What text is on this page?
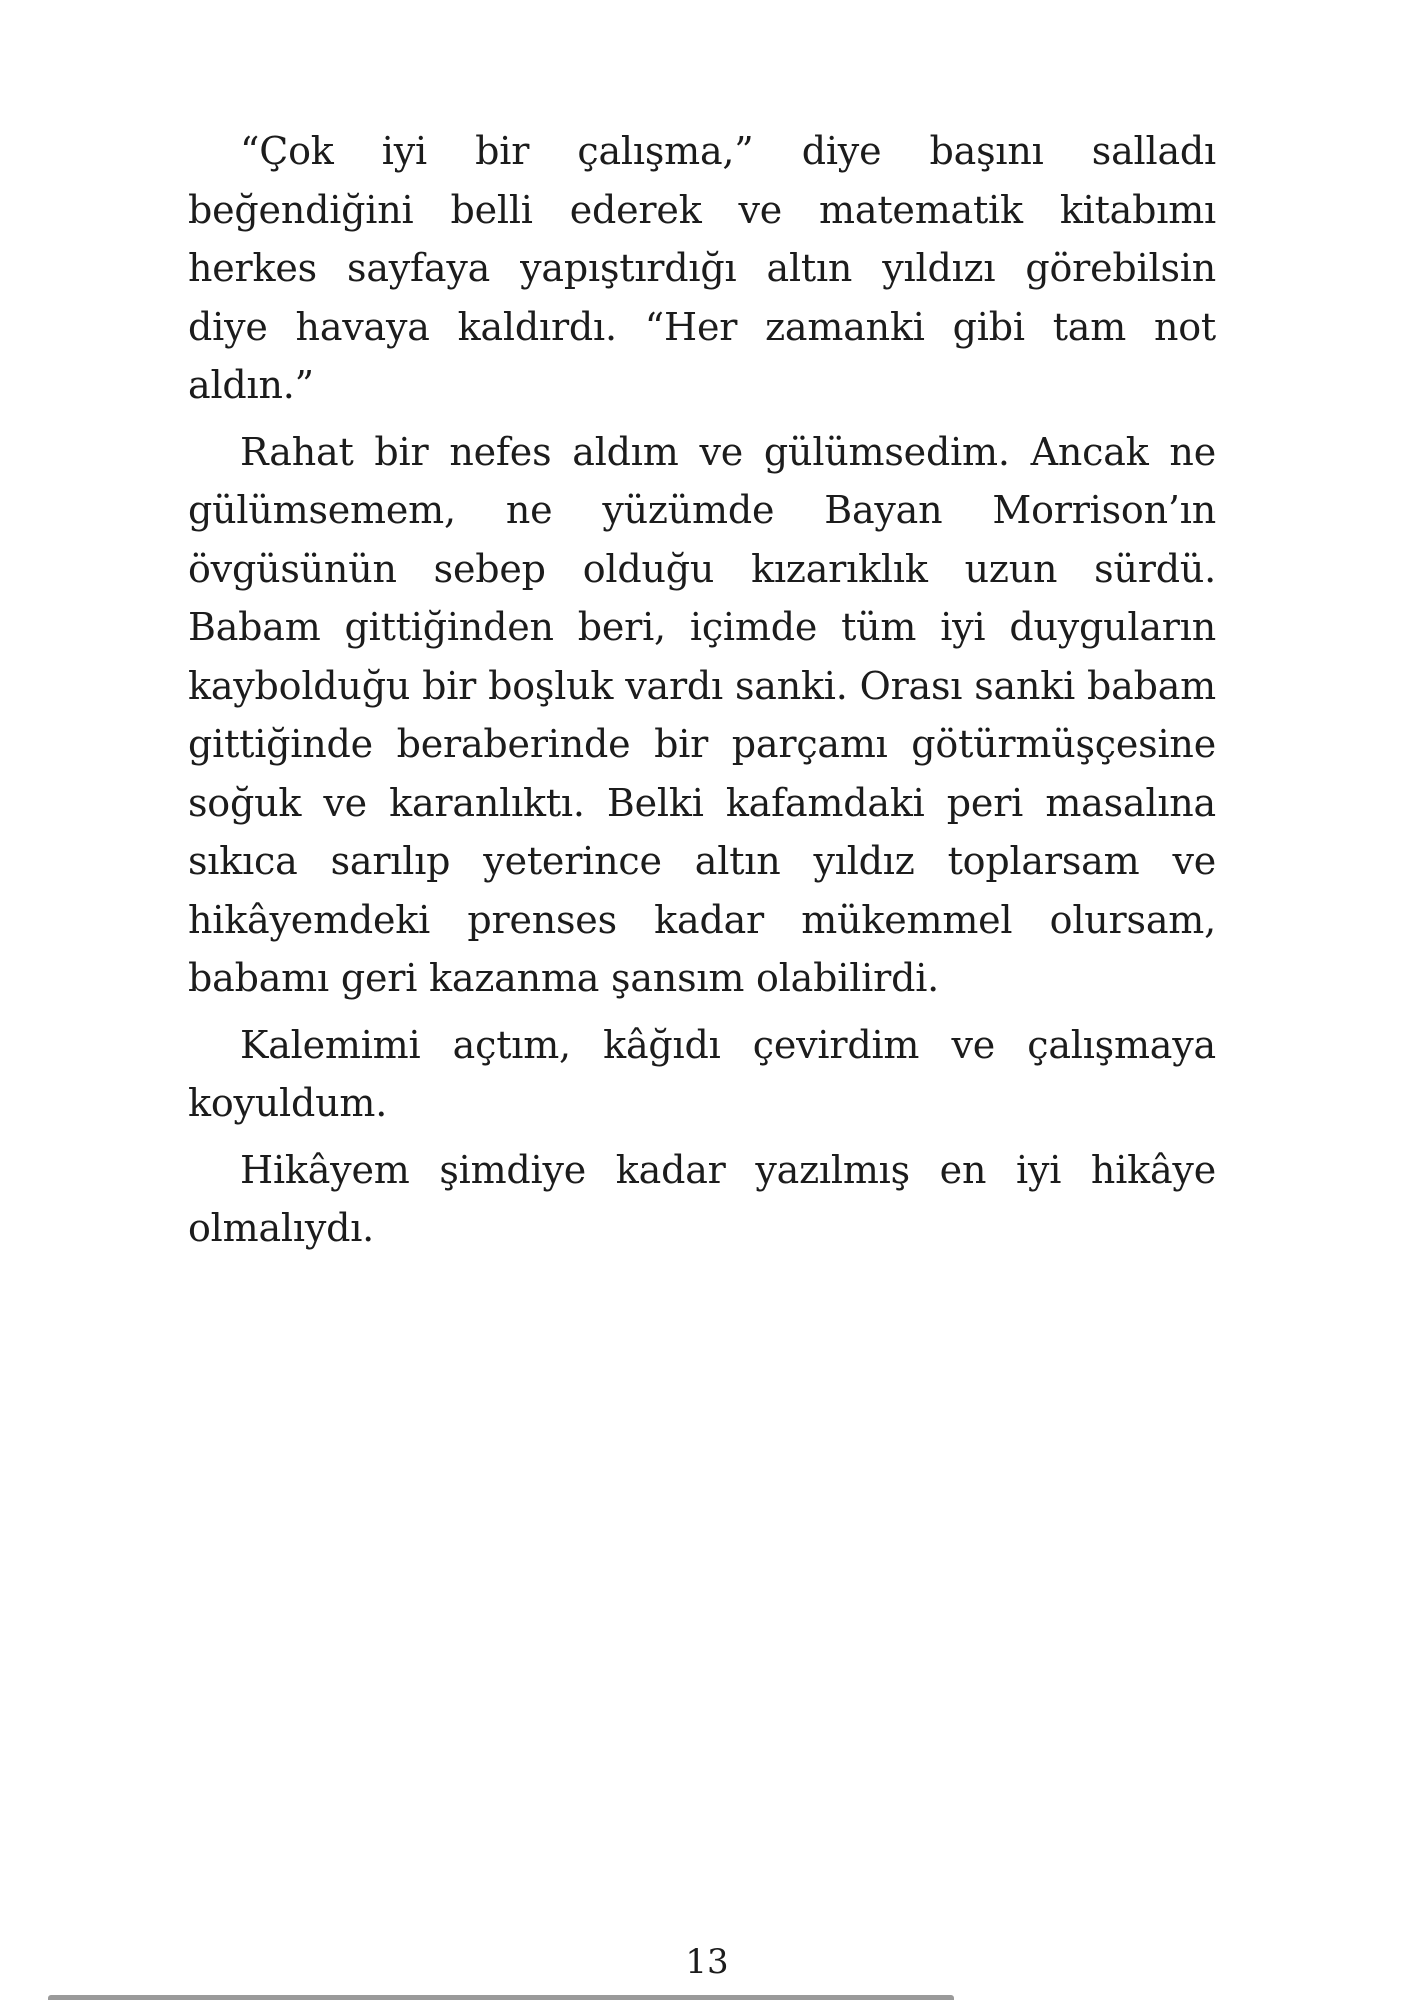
“Çok iyi bir çalışma,” diye başını salladı beğendiğini belli ederek ve matematik kitabımı herkes sayfaya yapıştırdığı altın yıldızı görebilsin diye havaya kaldırdı. “Her zamanki gibi tam not aldın.”

Rahat bir nefes aldım ve gülümsedim. Ancak ne gülümsemem, ne yüzümde Bayan Morrison’ın övgüsünün sebep olduğu kızarıklık uzun sürdü. Babam gittiğinden beri, içimde tüm iyi duyguların kaybolduğu bir boşluk vardı sanki. Orası sanki babam gittiğinde beraberinde bir parçamı götürmüşçesine soğuk ve karanlıktı. Belki kafamdaki peri masalına sıkıca sarılıp yeterince altın yıldız toplarsam ve hikâyemdeki prenses kadar mükemmel olursam, babamı geri kazanma şansım olabilirdi.

Kalemimi açtım, kâğıdı çevirdim ve çalışmaya koyuldum.

Hikâyem şimdiye kadar yazılmış en iyi hikâye olmalıydı.

13
